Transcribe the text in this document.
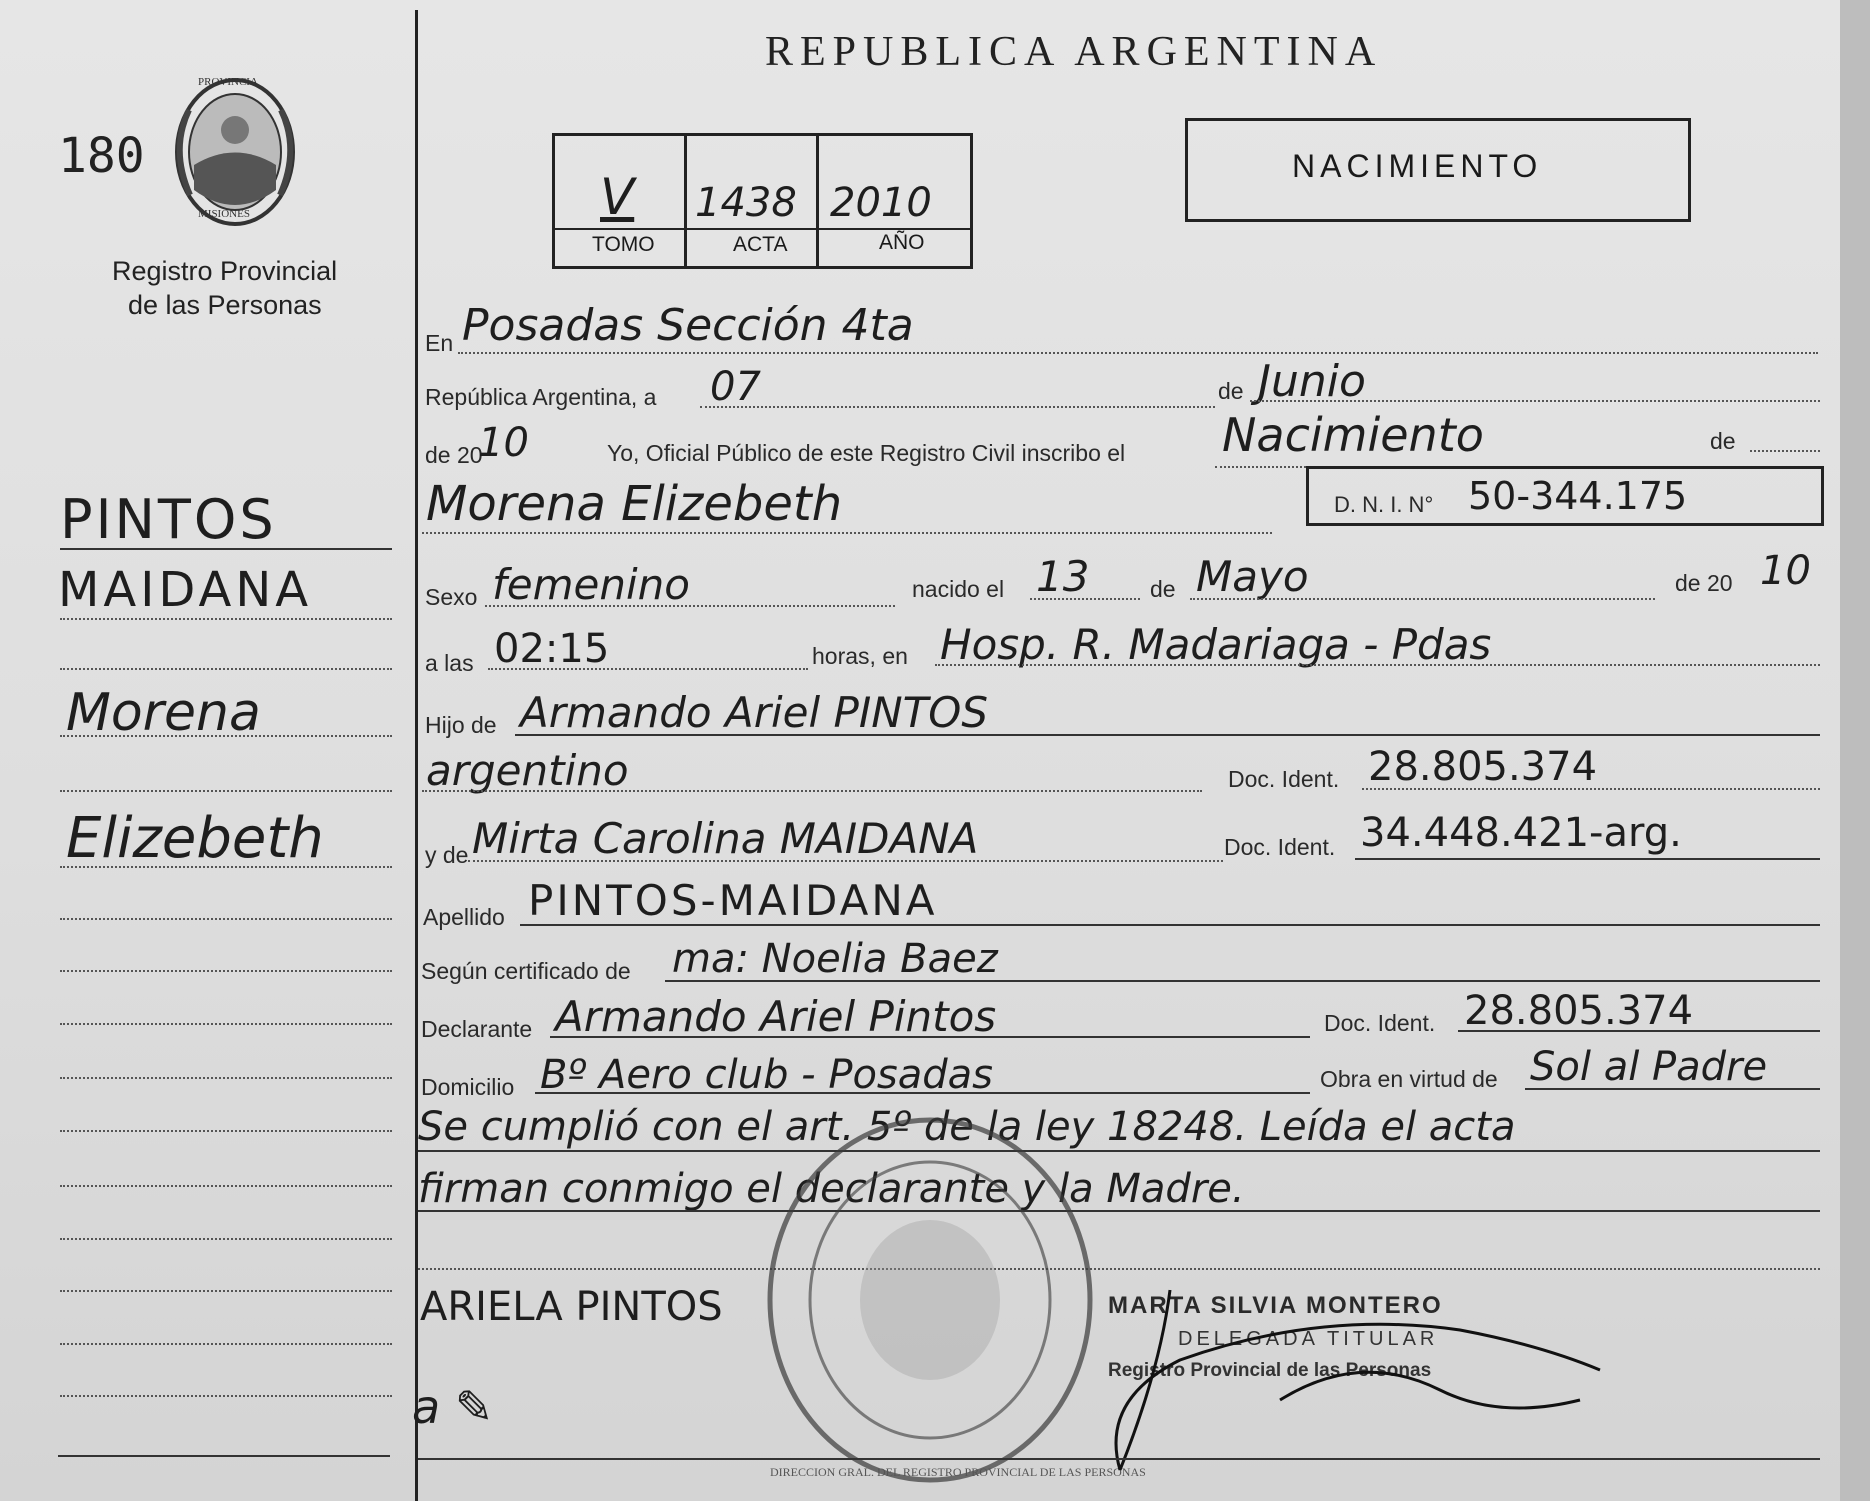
REPUBLICA ARGENTINA
PROVINCIA
MISIONES
180
Registro Provincial
de las Personas
V 1438 2010
TOMO	ACTA	AÑO
NACIMIENTO
PINTOS
MAIDANA
Morena
Elizebeth
En Posadas Sección 4ta
República Argentina, a 07	de Junio
de 20
10	Yo, Oficial Público de este Registro Civil inscribo el Nacimiento	de
Morena Elizebeth	D. N. I. N° 50-344.175
Sexo femenino	nacido el 13	de Mayo	de 20 10
a las 02:15	horas, en Hosp. R. Madariaga - Pdas
Hijo de Armando Ariel PINTOS
argentino	Doc. Ident. 28.805.374
y de Mirta Carolina MAIDANA	Doc. Ident. 34.448.421-arg.
Apellido PINTOS-MAIDANA
Según certificado de ma: Noelia Baez
Declarante Armando Ariel Pintos	Doc. Ident. 28.805.374
Domicilio Bº Aero club - Posadas	Obra en virtud de Sol al Padre
Se cumplió con el art. 5º de la ley 18248. Leída el acta
firman conmigo el declarante y la Madre.
DIRECCION GRAL. DEL REGISTRO PROVINCIAL DE LAS PERSONAS
ARIELA PINTOS
a ✎
MARTA SILVIA MONTERO
DELEGADA TITULAR
Registro Provincial de las Personas
